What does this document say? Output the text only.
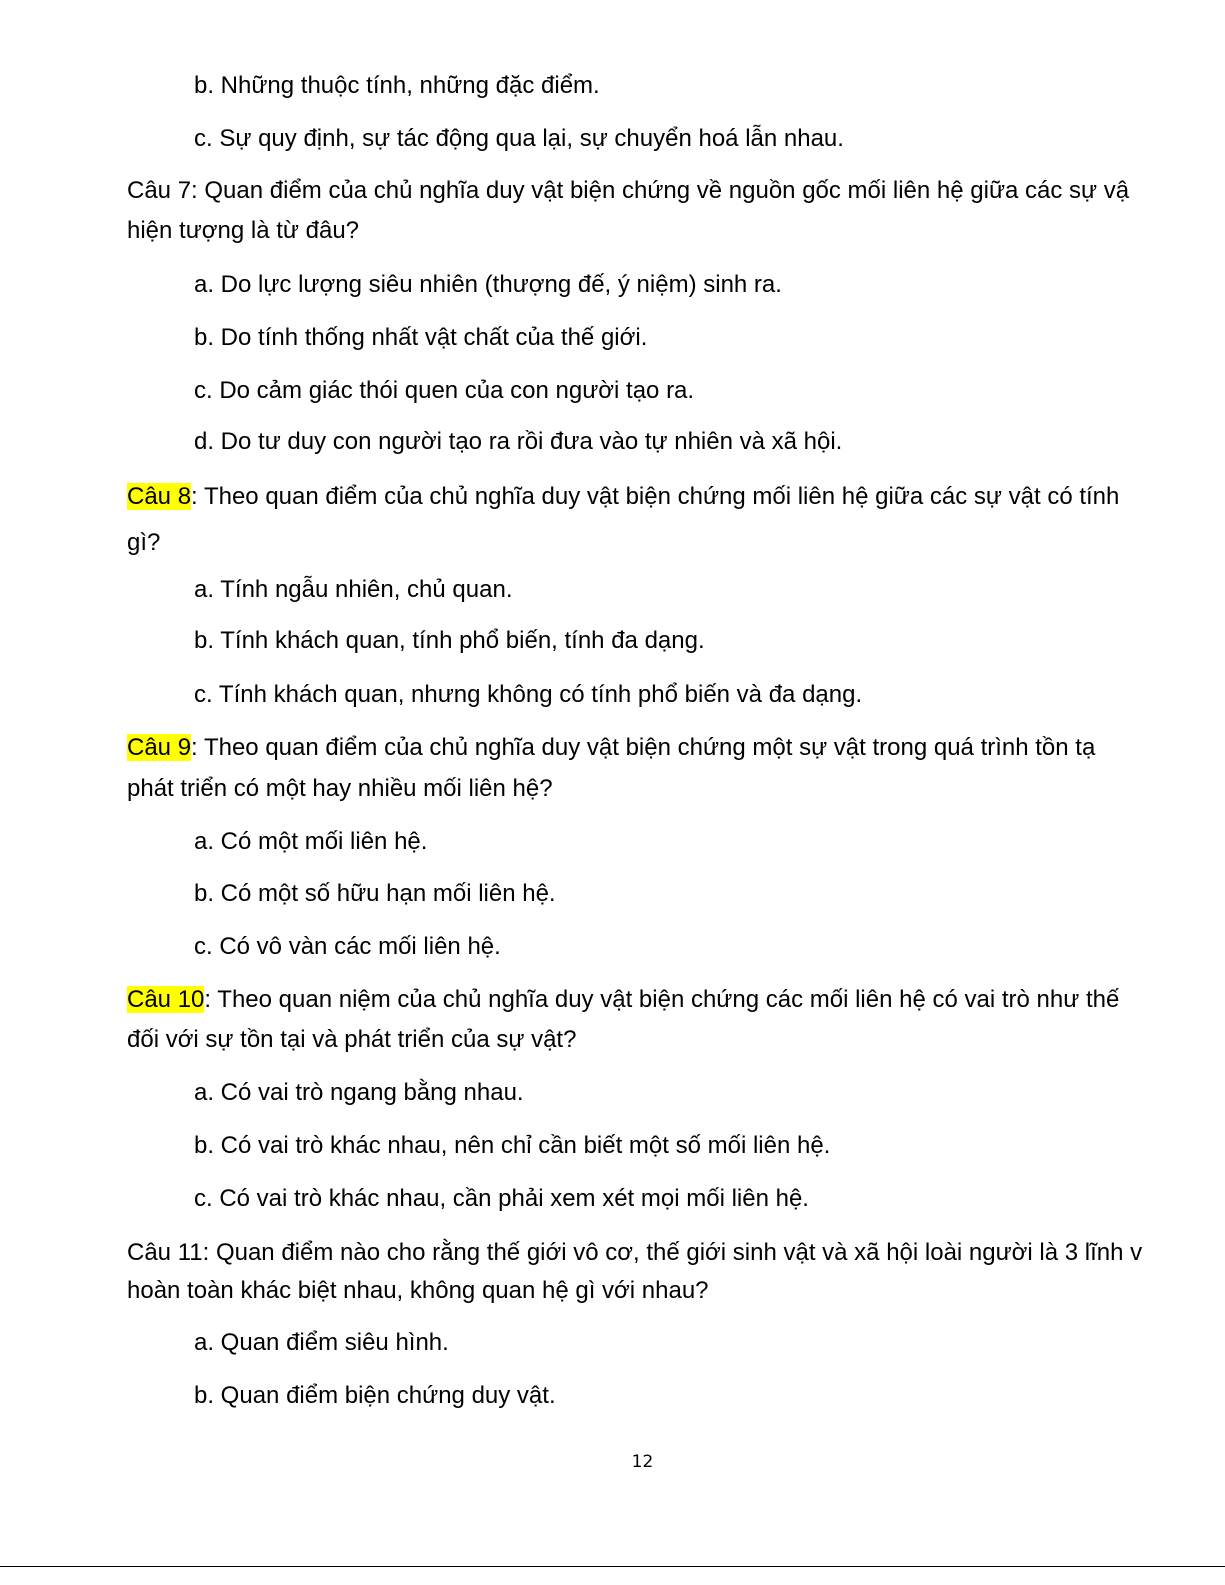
b. Những thuộc tính, những đặc điểm.
c. Sự quy định, sự tác động qua lại, sự chuyển hoá lẫn nhau.
Câu 7: Quan điểm của chủ nghĩa duy vật biện chứng về nguồn gốc mối liên hệ giữa các sự vậ
hiện tượng là từ đâu?
a. Do lực lượng siêu nhiên (thượng đế, ý niệm) sinh ra.
b. Do tính thống nhất vật chất của thế giới.
c. Do cảm giác thói quen của con người tạo ra.
d. Do tư duy con người tạo ra rồi đưa vào tự nhiên và xã hội.
Câu 8: Theo quan điểm của chủ nghĩa duy vật biện chứng mối liên hệ giữa các sự vật có tính
gì?
a. Tính ngẫu nhiên, chủ quan.
b. Tính khách quan, tính phổ biến, tính đa dạng.
c. Tính khách quan, nhưng không có tính phổ biến và đa dạng.
Câu 9: Theo quan điểm của chủ nghĩa duy vật biện chứng một sự vật trong quá trình tồn tạ
phát triển có một hay nhiều mối liên hệ?
a. Có một mối liên hệ.
b. Có một số hữu hạn mối liên hệ.
c. Có vô vàn các mối liên hệ.
Câu 10: Theo quan niệm của chủ nghĩa duy vật biện chứng các mối liên hệ có vai trò như thế
đối với sự tồn tại và phát triển của sự vật?
a. Có vai trò ngang bằng nhau.
b. Có vai trò khác nhau, nên chỉ cần biết một số mối liên hệ.
c. Có vai trò khác nhau, cần phải xem xét mọi mối liên hệ.
Câu 11: Quan điểm nào cho rằng thế giới vô cơ, thế giới sinh vật và xã hội loài người là 3 lĩnh v
hoàn toàn khác biệt nhau, không quan hệ gì với nhau?
a. Quan điểm siêu hình.
b. Quan điểm biện chứng duy vật.
12
